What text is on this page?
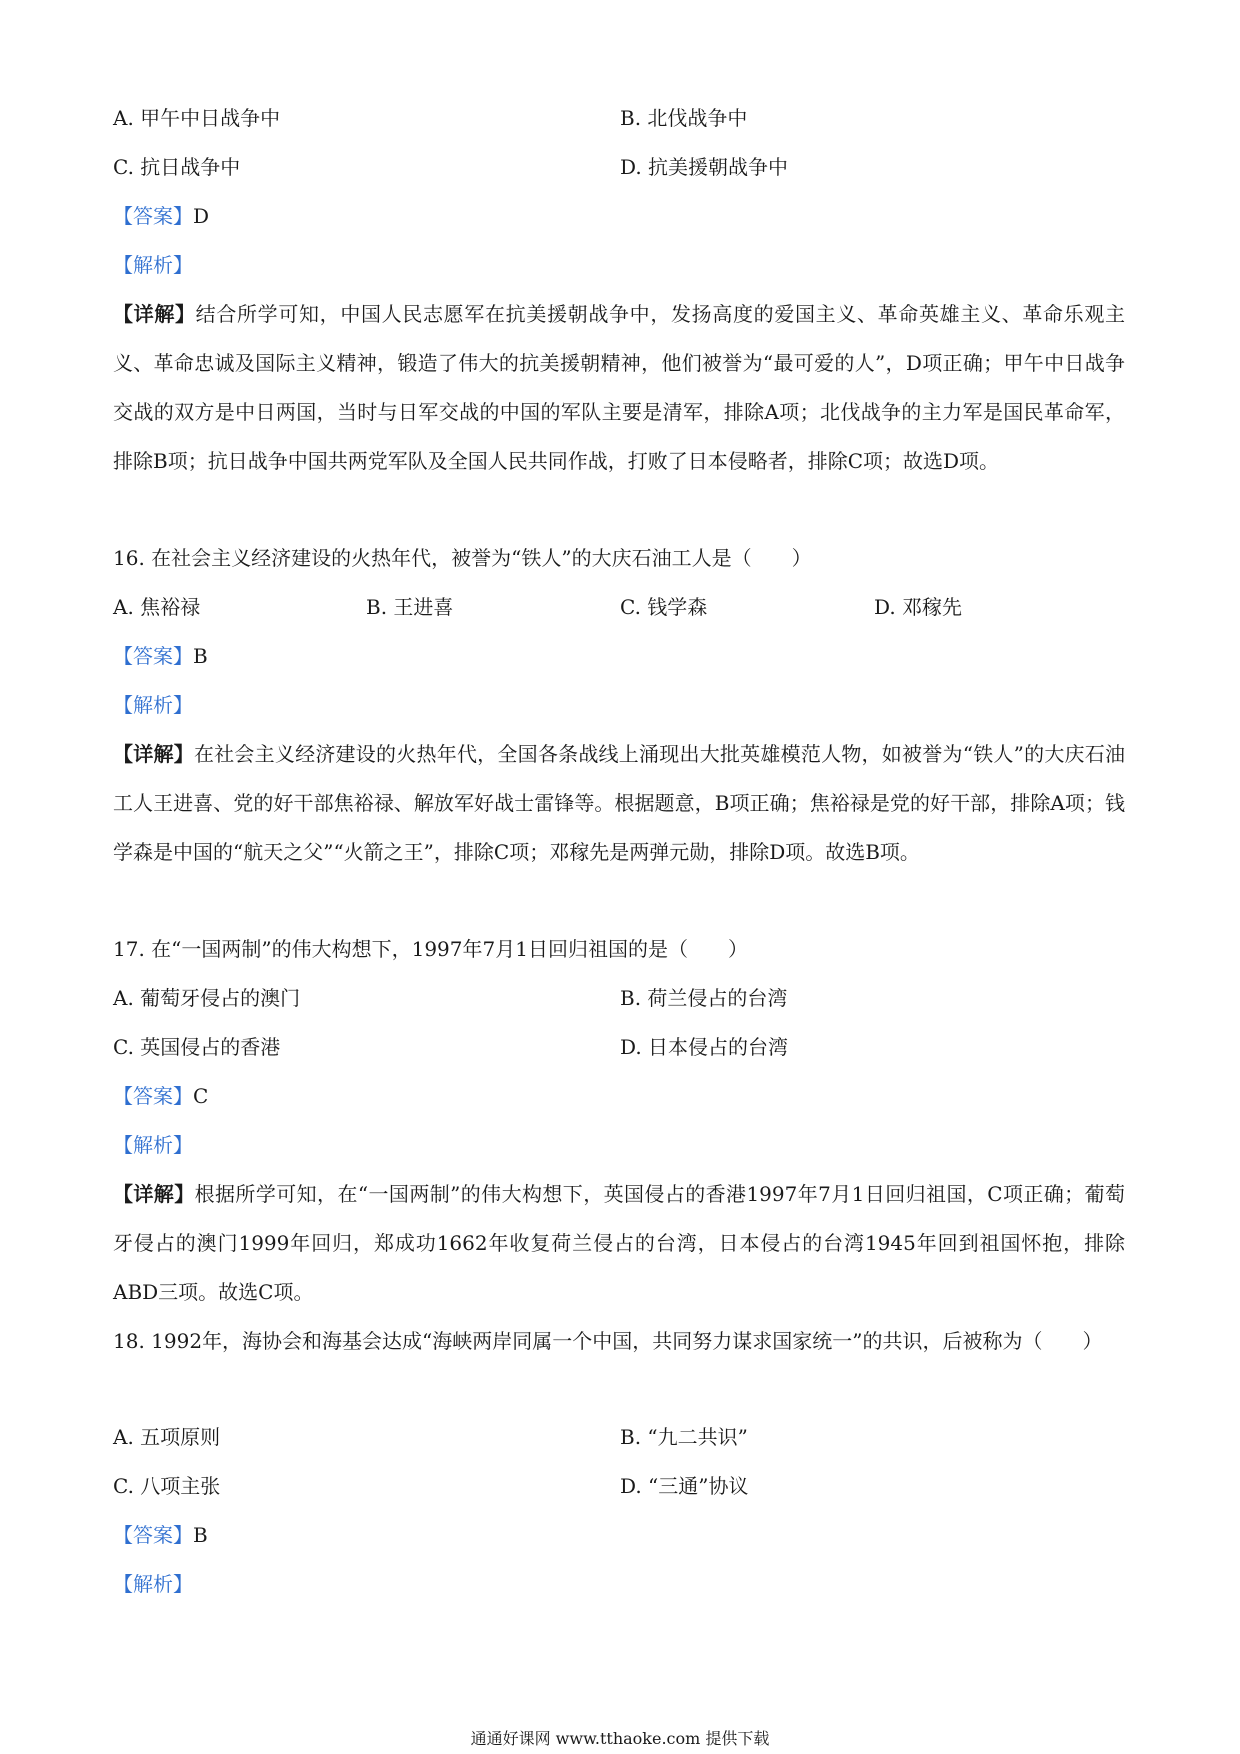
A. 甲午中日战争中	B. 北伐战争中
C. 抗日战争中	D. 抗美援朝战争中
【答案】D
【解析】
【详解】结合所学可知，中国人民志愿军在抗美援朝战争中，发扬高度的爱国主义、革命英雄主义、革命乐观主义、革命忠诚及国际主义精神，锻造了伟大的抗美援朝精神，他们被誉为“最可爱的人”，D项正确；甲午中日战争交战的双方是中日两国，当时与日军交战的中国的军队主要是清军，排除A项；北伐战争的主力军是国民革命军，排除B项；抗日战争中国共两党军队及全国人民共同作战，打败了日本侵略者，排除C项；故选D项。
16. 在社会主义经济建设的火热年代，被誉为“铁人”的大庆石油工人是（　　）
A. 焦裕禄	B. 王进喜	C. 钱学森	D. 邓稼先
【答案】B
【解析】
【详解】在社会主义经济建设的火热年代，全国各条战线上涌现出大批英雄模范人物，如被誉为“铁人”的大庆石油工人王进喜、党的好干部焦裕禄、解放军好战士雷锋等。根据题意，B项正确；焦裕禄是党的好干部，排除A项；钱学森是中国的“航天之父”“火箭之王”，排除C项；邓稼先是两弹元勋，排除D项。故选B项。
17. 在“一国两制”的伟大构想下，1997年7月1日回归祖国的是（　　）
A. 葡萄牙侵占的澳门	B. 荷兰侵占的台湾
C. 英国侵占的香港	D. 日本侵占的台湾
【答案】C
【解析】
【详解】根据所学可知，在“一国两制”的伟大构想下，英国侵占的香港1997年7月1日回归祖国，C项正确；葡萄牙侵占的澳门1999年回归，郑成功1662年收复荷兰侵占的台湾，日本侵占的台湾1945年回到祖国怀抱，排除ABD三项。故选C项。
18. 1992年，海协会和海基会达成“海峡两岸同属一个中国，共同努力谋求国家统一”的共识，后被称为（　　）
A. 五项原则	B. “九二共识”
C. 八项主张	D. “三通”协议
【答案】B
【解析】
通通好课网 www.tthaoke.com 提供下载
